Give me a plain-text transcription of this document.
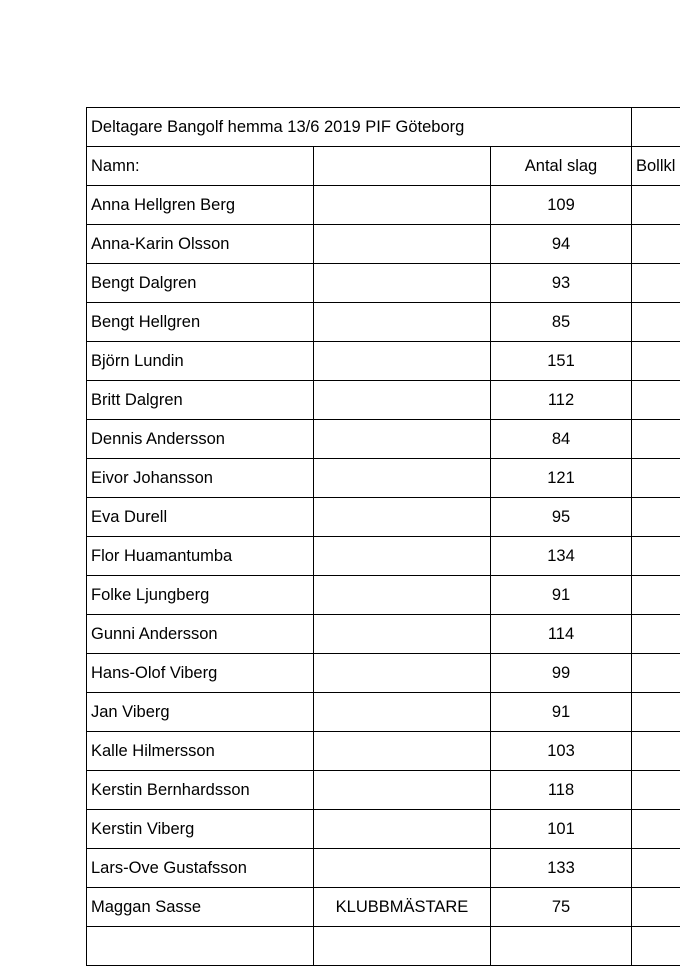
Deltagare Bangolf hemma 13/6 2019 PIF Göteborg			
Namn:		Antal slag	Bollkl
Anna Hellgren Berg		109	
Anna-Karin Olsson		94	
Bengt Dalgren		93	
Bengt Hellgren		85	
Björn Lundin		151	
Britt Dalgren		112	
Dennis Andersson		84	
Eivor Johansson		121	
Eva Durell		95	
Flor Huamantumba		134	
Folke Ljungberg		91	
Gunni Andersson		114	
Hans-Olof Viberg		99	
Jan Viberg		91	
Kalle Hilmersson		103	
Kerstin Bernhardsson		118	
Kerstin Viberg		101	
Lars-Ove Gustafsson		133	
Maggan Sasse	KLUBBMÄSTARE	75	
